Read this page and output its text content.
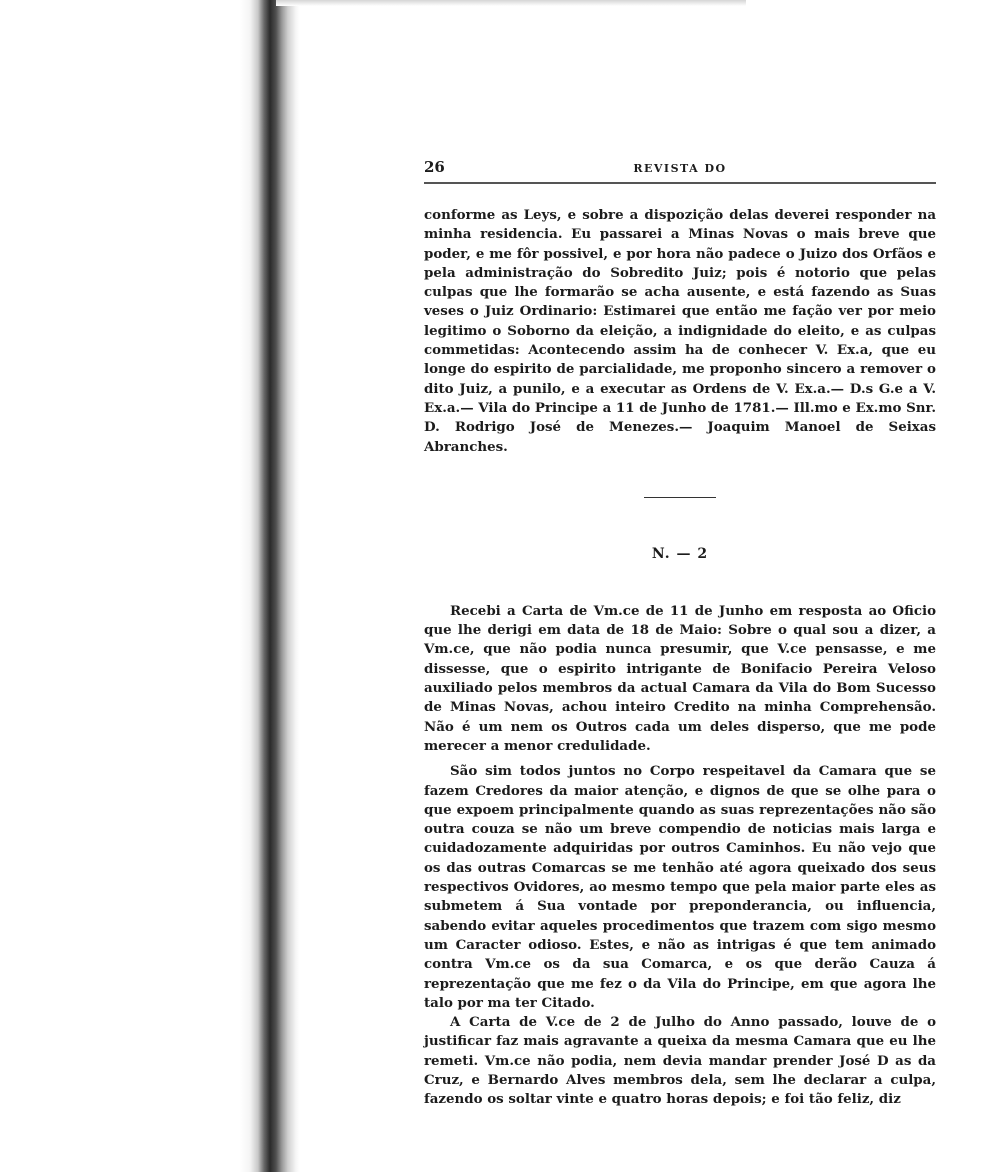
26	REVISTA DO

conforme as Leys, e sobre a dispozição delas deverei responder na minha residencia. Eu passarei a Minas Novas o mais breve que poder, e me fôr possivel, e por hora não padece o Juizo dos Orfãos e pela administração do Sobredito Juiz; pois é notorio que pelas culpas que lhe formarão se acha ausente, e está fazendo as Suas veses o Juiz Ordinario: Estimarei que então me fação ver por meio legitimo o Soborno da eleição, a indignidade do eleito, e as culpas commetidas: Acontecendo assim ha de conhecer V. Ex.a, que eu longe do espirito de parcialidade, me proponho sincero a remover o dito Juiz, a punilo, e a executar as Ordens de V. Ex.a.— D.s G.e a V. Ex.a.— Vila do Principe a 11 de Junho de 1781.— Ill.mo e Ex.mo Snr. D. Rodrigo José de Menezes.— Joaquim Manoel de Seixas Abranches.

N. — 2

Recebi a Carta de Vm.ce de 11 de Junho em resposta ao Oficio que lhe derigi em data de 18 de Maio: Sobre o qual sou a dizer, a Vm.ce, que não podia nunca presumir, que V.ce pensasse, e me dissesse, que o espirito intrigante de Bonifacio Pereira Veloso auxiliado pelos membros da actual Camara da Vila do Bom Sucesso de Minas Novas, achou inteiro Credito na minha Comprehensão. Não é um nem os Outros cada um deles disperso, que me pode merecer a menor credulidade.

São sim todos juntos no Corpo respeitavel da Camara que se fazem Credores da maior atenção, e dignos de que se olhe para o que expoem principalmente quando as suas reprezentações não são outra couza se não um breve compendio de noticias mais larga e cuidadozamente adquiridas por outros Caminhos. Eu não vejo que os das outras Comarcas se me tenhão até agora queixado dos seus respectivos Ovidores, ao mesmo tempo que pela maior parte eles as submetem á Sua vontade por preponderancia, ou influencia, sabendo evitar aqueles procedimentos que trazem com sigo mesmo um Caracter odioso. Estes, e não as intrigas é que tem animado contra Vm.ce os da sua Comarca, e os que derão Cauza á reprezentação que me fez o da Vila do Principe, em que agora lhe talo por ma ter Citado.

A Carta de V.ce de 2 de Julho do Anno passado, louve de o justificar faz mais agravante a queixa da mesma Camara que eu lhe remeti. Vm.ce não podia, nem devia mandar prender José D as da Cruz, e Bernardo Alves membros dela, sem lhe declarar a culpa, fazendo os soltar vinte e quatro horas depois; e foi tão feliz, diz
